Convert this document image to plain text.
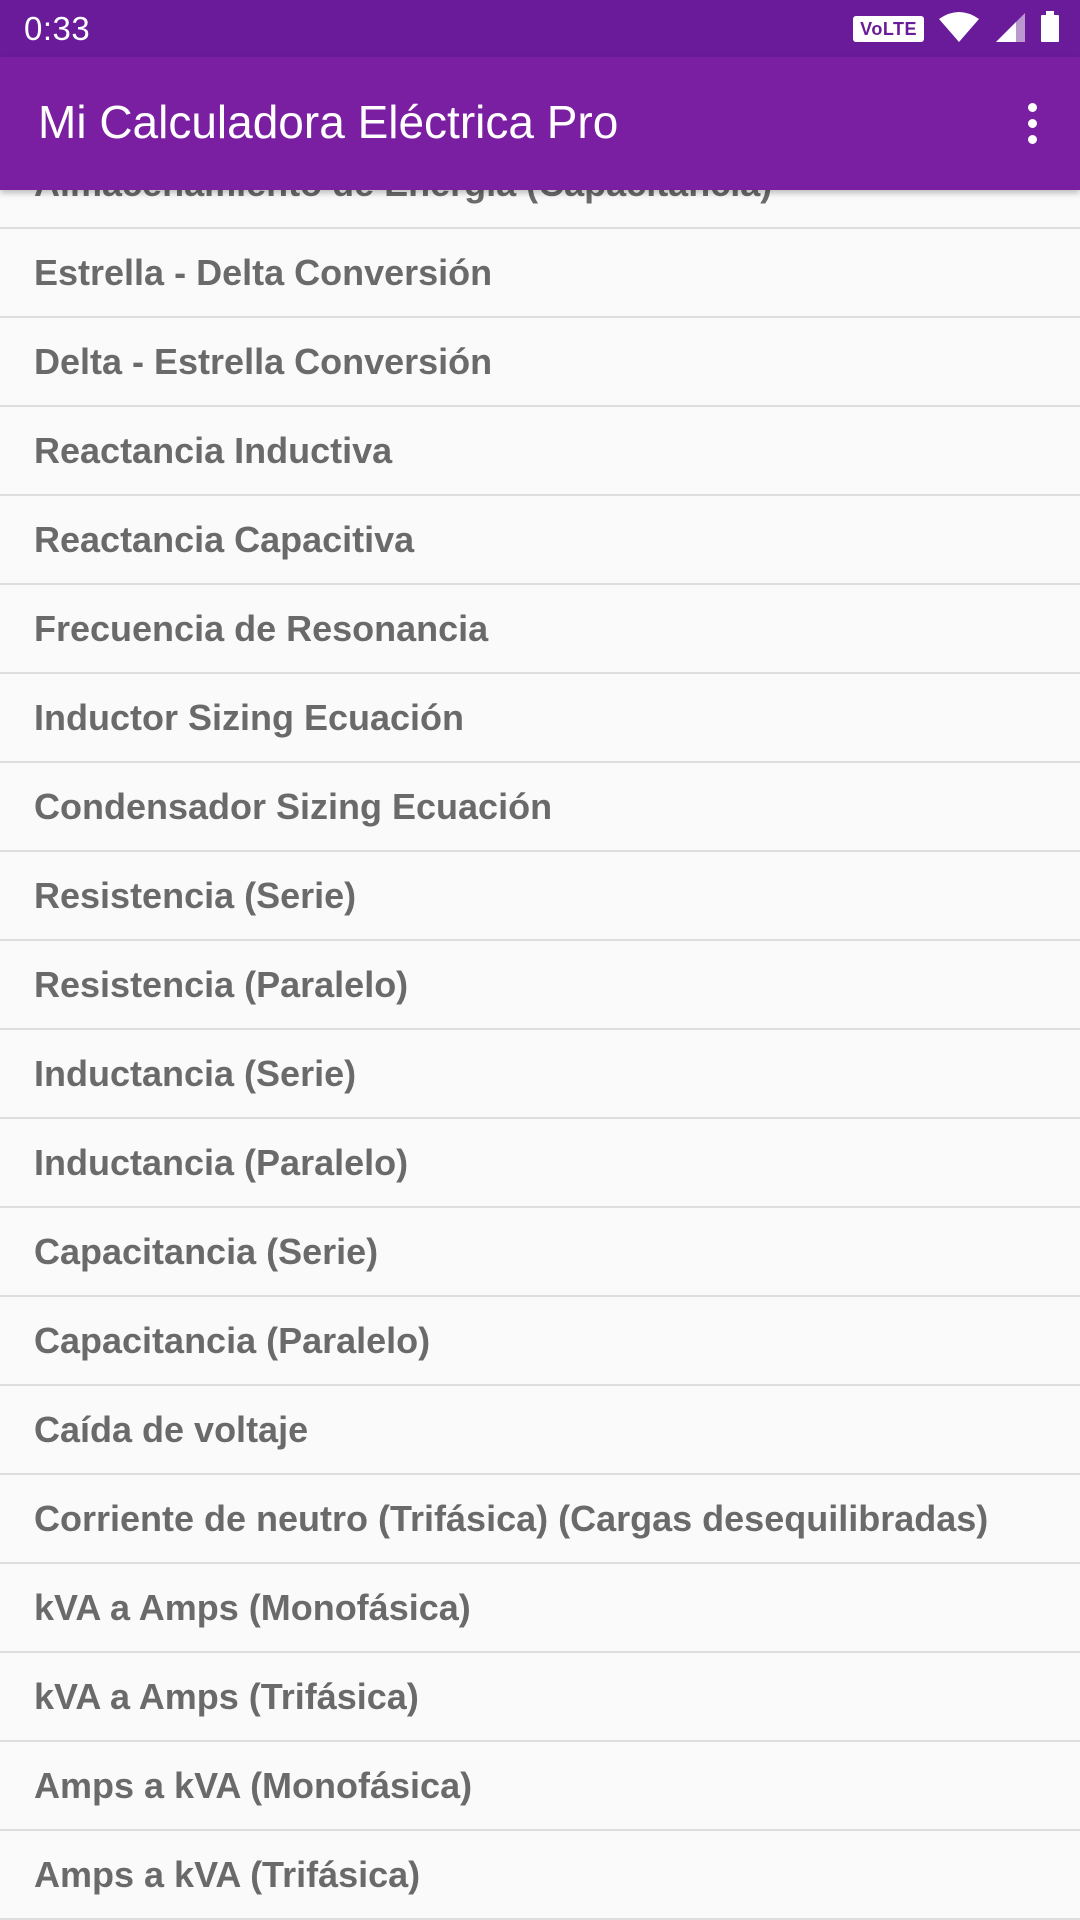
0:33	VoLTE
Mi Calculadora Eléctrica Pro
Estrella - Delta Conversión
Delta - Estrella Conversión
Reactancia Inductiva
Reactancia Capacitiva
Frecuencia de Resonancia
Inductor Sizing Ecuación
Condensador Sizing Ecuación
Resistencia (Serie)
Resistencia (Paralelo)
Inductancia (Serie)
Inductancia (Paralelo)
Capacitancia (Serie)
Capacitancia (Paralelo)
Caída de voltaje
Corriente de neutro (Trifásica) (Cargas desequilibradas)
kVA a Amps (Monofásica)
kVA a Amps (Trifásica)
Amps a kVA (Monofásica)
Amps a kVA (Trifásica)
